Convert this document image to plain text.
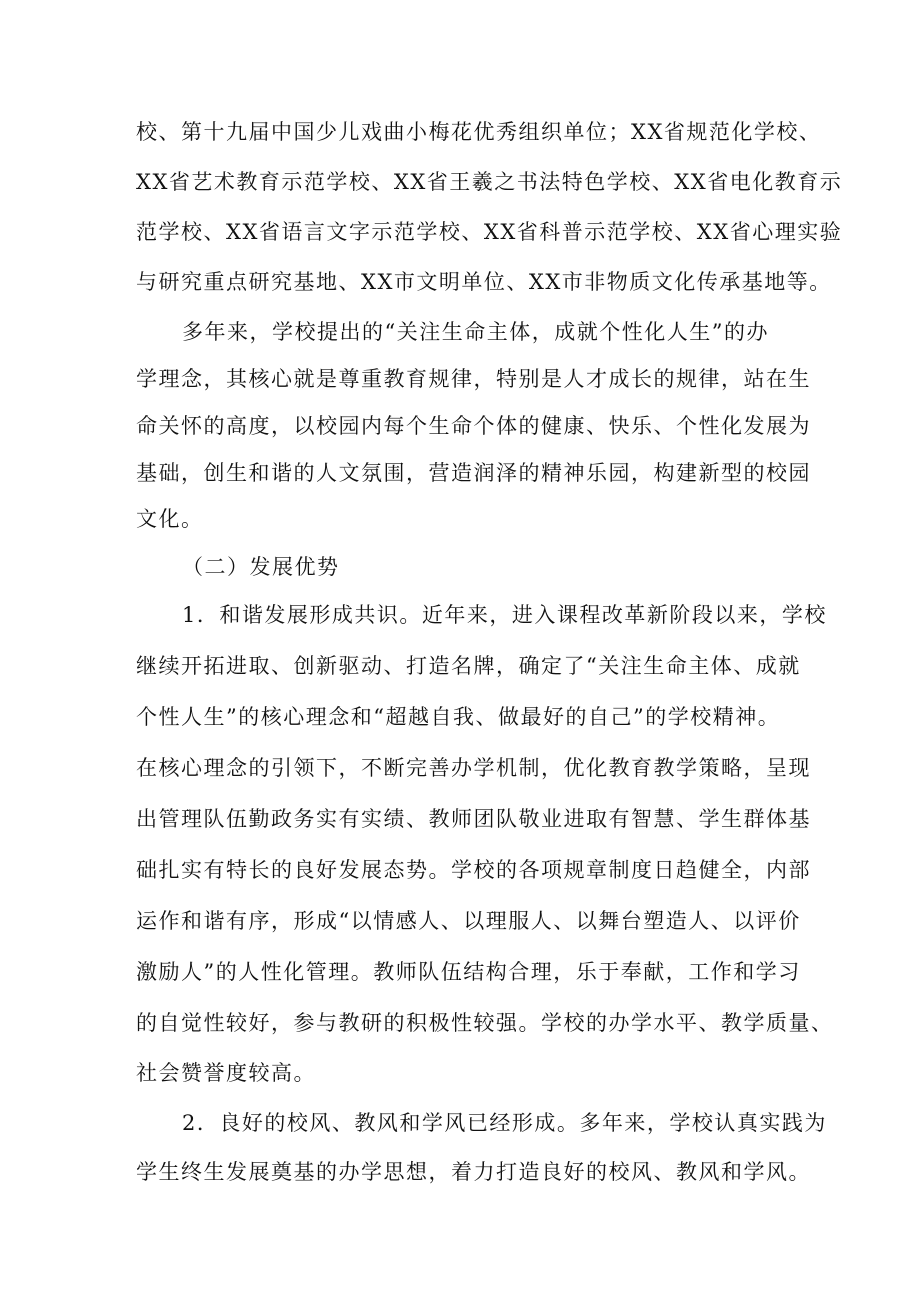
校、第十九届中国少儿戏曲小梅花优秀组织单位；XX省规范化学校、
XX省艺术教育示范学校、XX省王羲之书法特色学校、XX省电化教育示
范学校、XX省语言文字示范学校、XX省科普示范学校、XX省心理实验
与研究重点研究基地、XX市文明单位、XX市非物质文化传承基地等。
多年来，学校提出的“关注生命主体，成就个性化人生”的办
学理念，其核心就是尊重教育规律，特别是人才成长的规律，站在生
命关怀的高度，以校园内每个生命个体的健康、快乐、个性化发展为
基础，创生和谐的人文氛围，营造润泽的精神乐园，构建新型的校园
文化。
（二）发展优势
1．和谐发展形成共识。近年来，进入课程改革新阶段以来，学校
继续开拓进取、创新驱动、打造名牌，确定了“关注生命主体、成就
个性人生”的核心理念和“超越自我、做最好的自己”的学校精神。
在核心理念的引领下，不断完善办学机制，优化教育教学策略，呈现
出管理队伍勤政务实有实绩、教师团队敬业进取有智慧、学生群体基
础扎实有特长的良好发展态势。学校的各项规章制度日趋健全，内部
运作和谐有序，形成“以情感人、以理服人、以舞台塑造人、以评价
激励人”的人性化管理。教师队伍结构合理，乐于奉献，工作和学习
的自觉性较好，参与教研的积极性较强。学校的办学水平、教学质量、
社会赞誉度较高。
2．良好的校风、教风和学风已经形成。多年来，学校认真实践为
学生终生发展奠基的办学思想，着力打造良好的校风、教风和学风。
